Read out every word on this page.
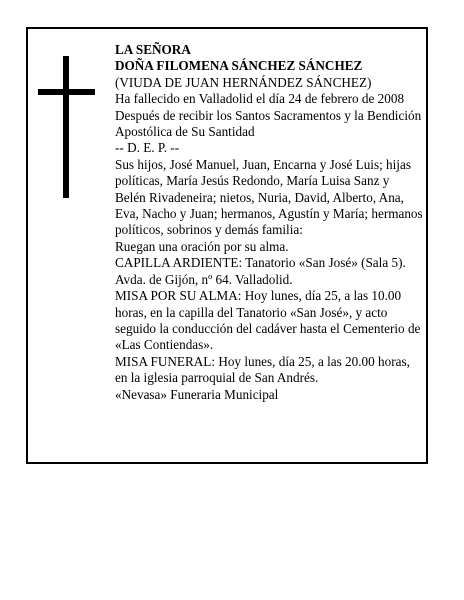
LA SEÑORA

DOÑA FILOMENA SÁNCHEZ SÁNCHEZ

(VIUDA DE JUAN HERNÁNDEZ SÁNCHEZ)

Ha fallecido en Valladolid el día 24 de febrero de 2008

Después de recibir los Santos Sacramentos y la Bendición Apostólica de Su Santidad

-- D. E. P. --

Sus hijos, José Manuel, Juan, Encarna y José Luis; hijas políticas, María Jesús Redondo, María Luisa Sanz y Belén Rivadeneira; nietos, Nuria, David, Alberto, Ana, Eva, Nacho y Juan; hermanos, Agustín y María; hermanos políticos, sobrinos y demás familia:

Ruegan una oración por su alma.

CAPILLA ARDIENTE: Tanatorio «San José» (Sala 5). Avda. de Gijón, nº 64. Valladolid.

MISA POR SU ALMA: Hoy lunes, día 25, a las 10.00 horas, en la capilla del Tanatorio «San José», y acto seguido la conducción del cadáver hasta el Cementerio de «Las Contiendas».

MISA FUNERAL: Hoy lunes, día 25, a las 20.00 horas, en la iglesia parroquial de San Andrés.

«Nevasa» Funeraria Municipal
